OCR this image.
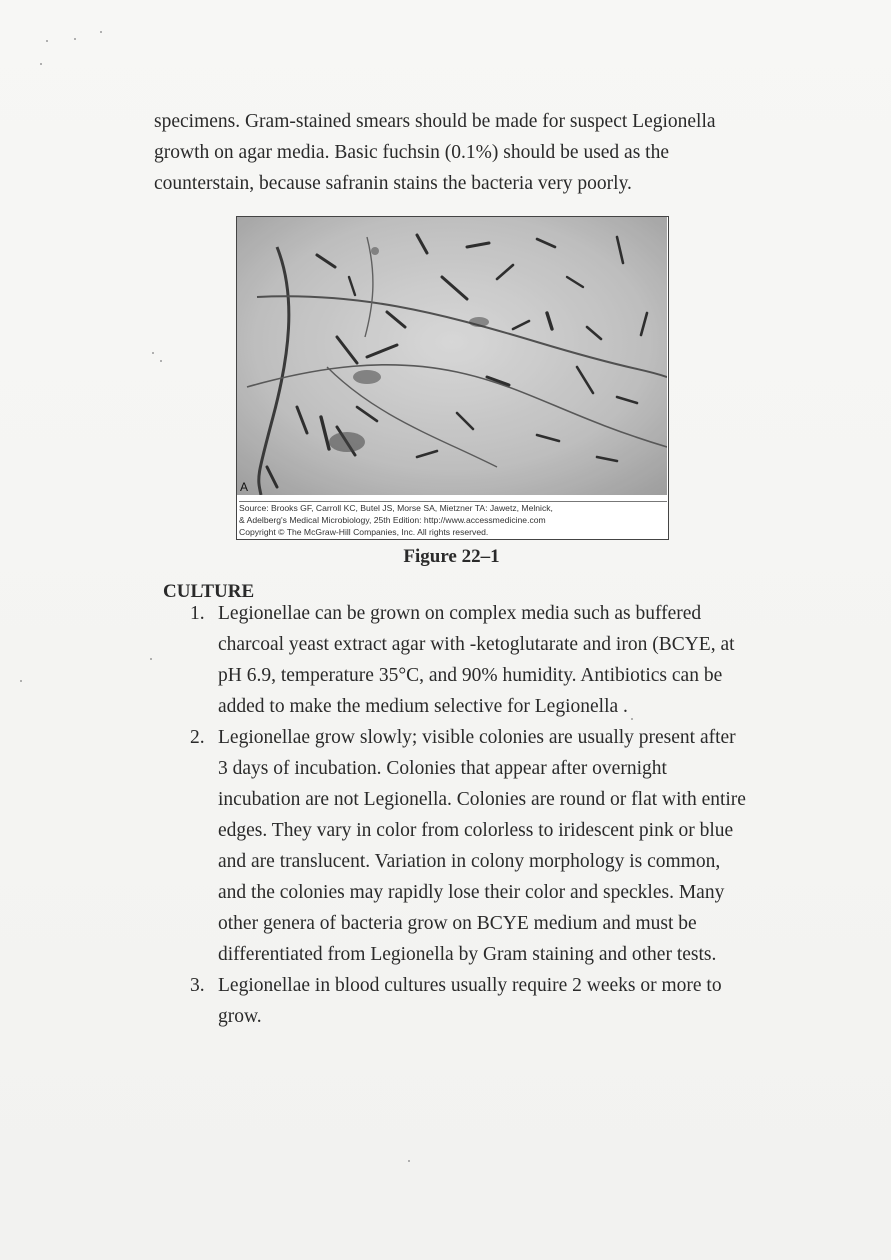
specimens. Gram-stained smears should be made for suspect Legionella growth on agar media. Basic fuchsin (0.1%) should be used as the counterstain, because safranin stains the bacteria very poorly.

A
Source: Brooks GF, Carroll KC, Butel JS, Morse SA, Mietzner TA: Jawetz, Melnick,
& Adelberg's Medical Microbiology, 25th Edition: http://www.accessmedicine.com
Copyright © The McGraw-Hill Companies, Inc. All rights reserved.
Figure 22–1
CULTURE
1. Legionellae can be grown on complex media such as buffered charcoal yeast extract agar with -ketoglutarate and iron (BCYE, at pH 6.9, temperature 35°C, and 90% humidity. Antibiotics can be added to make the medium selective for Legionella .
2. Legionellae grow slowly; visible colonies are usually present after 3 days of incubation. Colonies that appear after overnight incubation are not Legionella. Colonies are round or flat with entire edges. They vary in color from colorless to iridescent pink or blue and are translucent. Variation in colony morphology is common, and the colonies may rapidly lose their color and speckles. Many other genera of bacteria grow on BCYE medium and must be differentiated from Legionella by Gram staining and other tests.
3. Legionellae in blood cultures usually require 2 weeks or more to grow.
